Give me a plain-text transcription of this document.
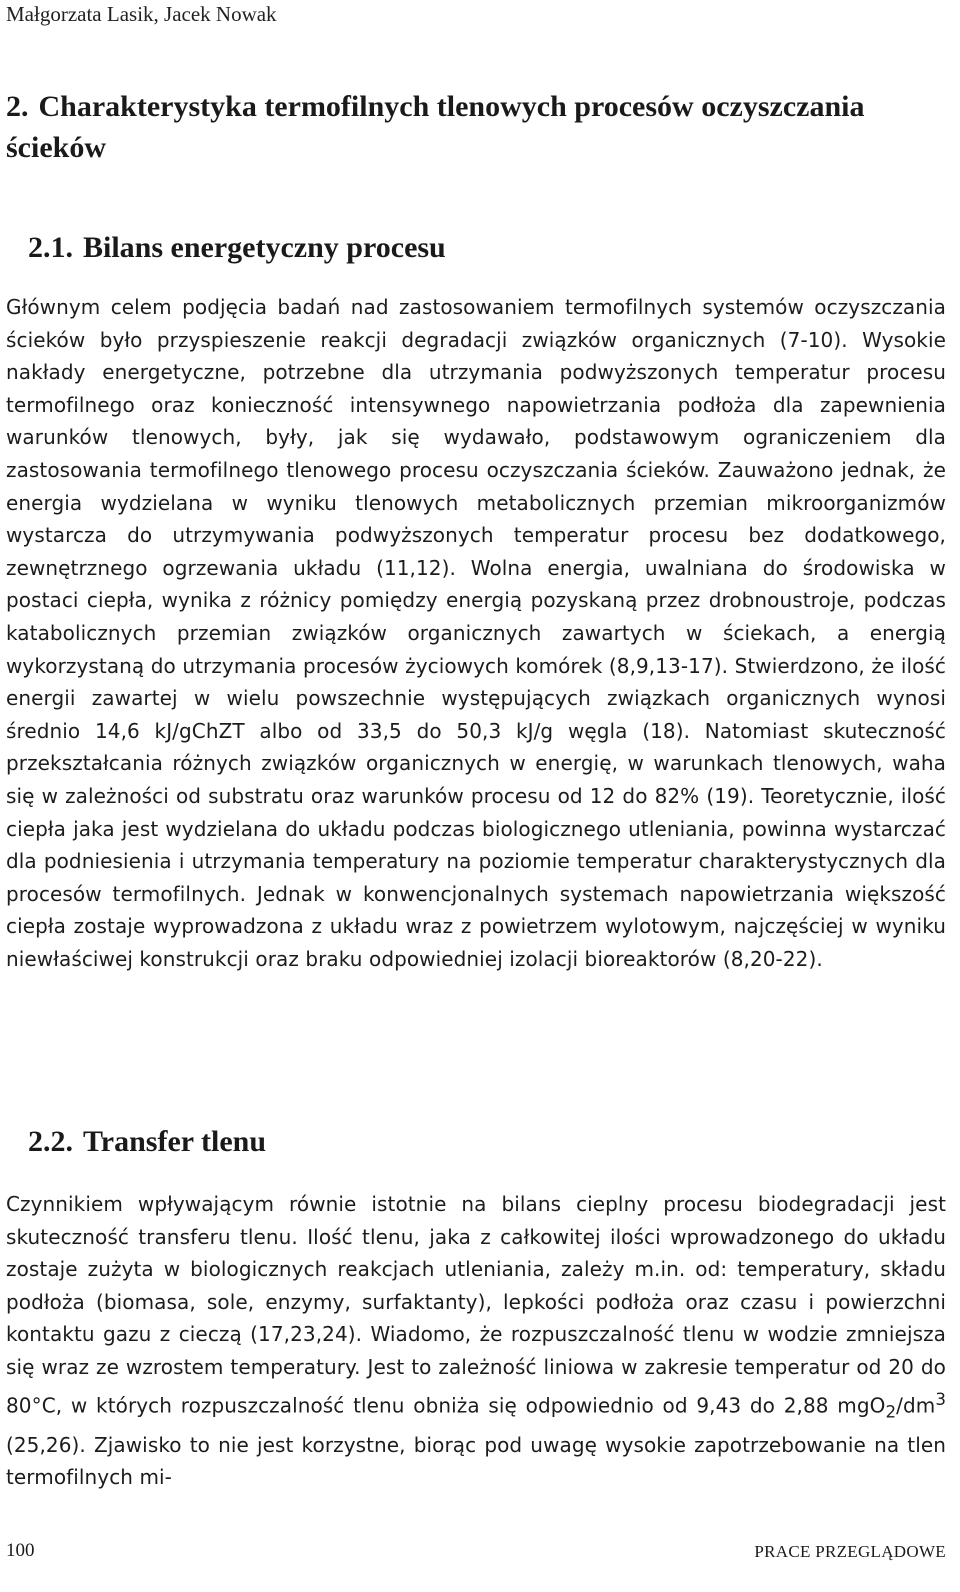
Małgorzata Lasik, Jacek Nowak
2. Charakterystyka termofilnych tlenowych procesów oczyszczania ścieków
2.1. Bilans energetyczny procesu

Głównym celem podjęcia badań nad zastosowaniem termofilnych systemów oczyszczania ścieków było przyspieszenie reakcji degradacji związków organicznych (7-10). Wysokie nakłady energetyczne, potrzebne dla utrzymania podwyższonych temperatur procesu termofilnego oraz konieczność intensywnego napowietrzania podłoża dla zapewnienia warunków tlenowych, były, jak się wydawało, podstawowym ograniczeniem dla zastosowania termofilnego tlenowego procesu oczyszczania ścieków. Zauważono jednak, że energia wydzielana w wyniku tlenowych metabolicznych przemian mikroorganizmów wystarcza do utrzymywania podwyższonych temperatur procesu bez dodatkowego, zewnętrznego ogrzewania układu (11,12). Wolna energia, uwalniana do środowiska w postaci ciepła, wynika z różnicy pomiędzy energią pozyskaną przez drobnoustroje, podczas katabolicznych przemian związków organicznych zawartych w ściekach, a energią wykorzystaną do utrzymania procesów życiowych komórek (8,9,13-17). Stwierdzono, że ilość energii zawartej w wielu powszechnie występujących związkach organicznych wynosi średnio 14,6 kJ/gChZT albo od 33,5 do 50,3 kJ/g węgla (18). Natomiast skuteczność przekształcania różnych związków organicznych w energię, w warunkach tlenowych, waha się w zależności od substratu oraz warunków procesu od 12 do 82% (19). Teoretycznie, ilość ciepła jaka jest wydzielana do układu podczas biologicznego utleniania, powinna wystarczać dla podniesienia i utrzymania temperatury na poziomie temperatur charakterystycznych dla procesów termofilnych. Jednak w konwencjonalnych systemach napowietrzania większość ciepła zostaje wyprowadzona z układu wraz z powietrzem wylotowym, najczęściej w wyniku niewłaściwej konstrukcji oraz braku odpowiedniej izolacji bioreaktorów (8,20-22).

2.2. Transfer tlenu

Czynnikiem wpływającym równie istotnie na bilans cieplny procesu biodegradacji jest skuteczność transferu tlenu. Ilość tlenu, jaka z całkowitej ilości wprowadzonego do układu zostaje zużyta w biologicznych reakcjach utleniania, zależy m.in. od: temperatury, składu podłoża (biomasa, sole, enzymy, surfaktanty), lepkości podłoża oraz czasu i powierzchni kontaktu gazu z cieczą (17,23,24). Wiadomo, że rozpuszczalność tlenu w wodzie zmniejsza się wraz ze wzrostem temperatury. Jest to zależność liniowa w zakresie temperatur od 20 do 80°C, w których rozpuszczalność tlenu obniża się odpowiednio od 9,43 do 2,88 $mgO_2/dm^3$ (25,26). Zjawisko to nie jest korzystne, biorąc pod uwagę wysokie zapotrzebowanie na tlen termofilnych mi-

100	PRACE PRZEGLĄDOWE
